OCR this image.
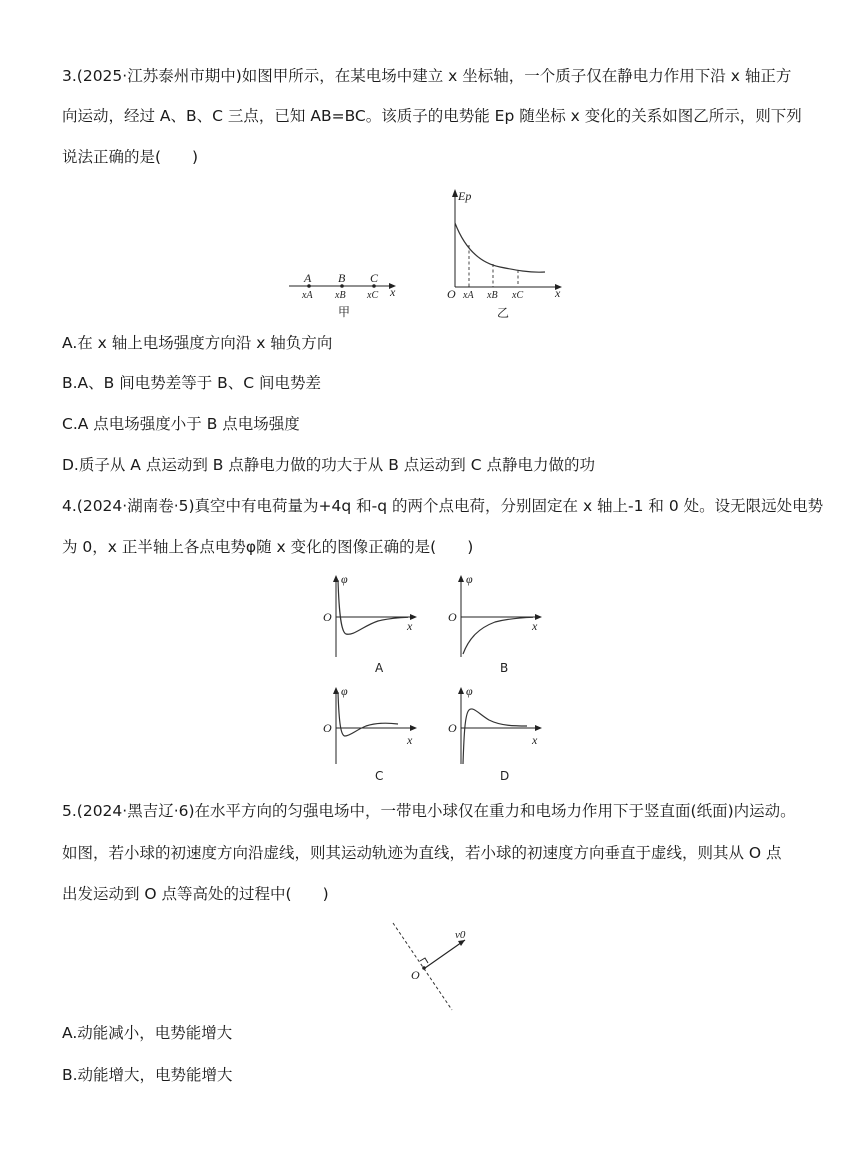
3.(2025·江苏泰州市期中)如图甲所示，在某电场中建立 x 坐标轴，一个质子仅在静电力作用下沿 x 轴正方
向运动，经过 A、B、C 三点，已知 AB=BC。该质子的电势能 Ep 随坐标 x 变化的关系如图乙所示，则下列
说法正确的是(　　)
A B C
xA xB xC x
甲
Ep
O xA xB xC	x
乙
A.在 x 轴上电场强度方向沿 x 轴负方向
B.A、B 间电势差等于 B、C 间电势差
C.A 点电场强度小于 B 点电场强度
D.质子从 A 点运动到 B 点静电力做的功大于从 B 点运动到 C 点静电力做的功
4.(2024·湖南卷·5)真空中有电荷量为+4q 和-q 的两个点电荷，分别固定在 x 轴上-1 和 0 处。设无限远处电势
为 0，x 正半轴上各点电势φ随 x 变化的图像正确的是(　　)
φ
O
x
A
φ
O
x
B
φ
O
x
C
φ
O
x
D
5.(2024·黑吉辽·6)在水平方向的匀强电场中，一带电小球仅在重力和电场力作用下于竖直面(纸面)内运动。
如图，若小球的初速度方向沿虚线，则其运动轨迹为直线，若小球的初速度方向垂直于虚线，则其从 O 点
出发运动到 O 点等高处的过程中(　　)
O
v0
A.动能减小，电势能增大
B.动能增大，电势能增大
